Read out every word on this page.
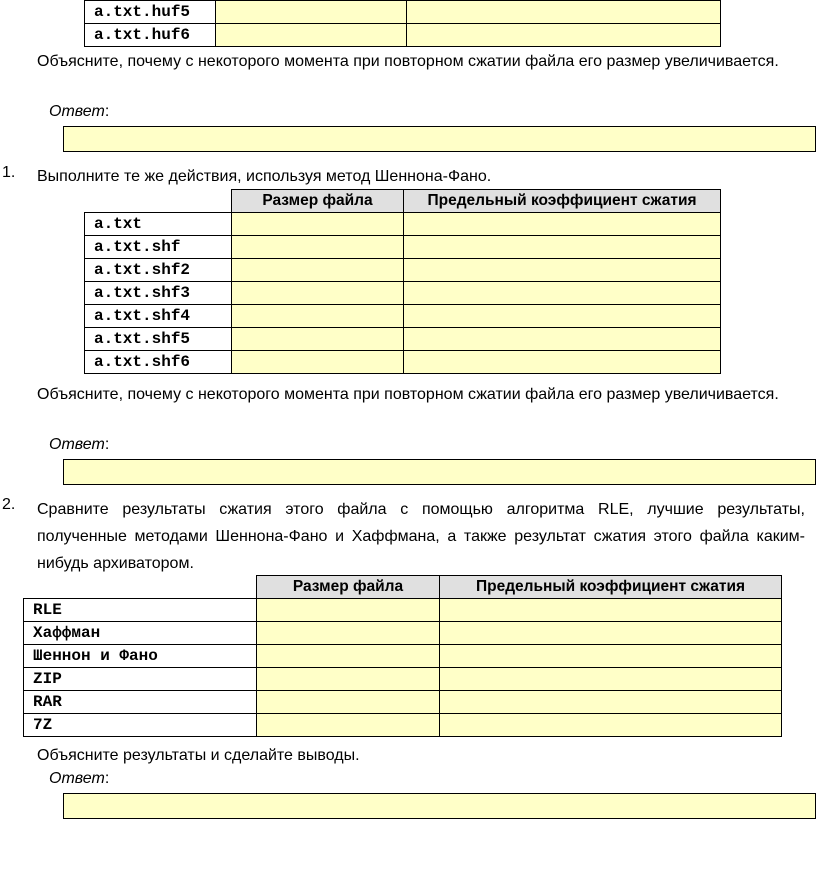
a.txt.huf5		
a.txt.huf6		
Объясните, почему с некоторого момента при повторном сжатии файла его размер увеличивается.
Ответ:
1. Выполните те же действия, используя метод Шеннона-Фано.
	Размер файла	Предельный коэффициент сжатия
a.txt		
a.txt.shf		
a.txt.shf2		
a.txt.shf3		
a.txt.shf4		
a.txt.shf5		
a.txt.shf6		
Объясните, почему с некоторого момента при повторном сжатии файла его размер увеличивается.
Ответ:
2. Сравните результаты сжатия этого файла с помощью алгоритма RLE, лучшие результаты, полученные методами Шеннона-Фано и Хаффмана, а также результат сжатия этого файла каким-нибудь архиватором.
	Размер файла	Предельный коэффициент сжатия
RLE		
Хаффман		
Шеннон и Фано		
ZIP		
RAR		
7Z		
Объясните результаты и сделайте выводы.
Ответ:
